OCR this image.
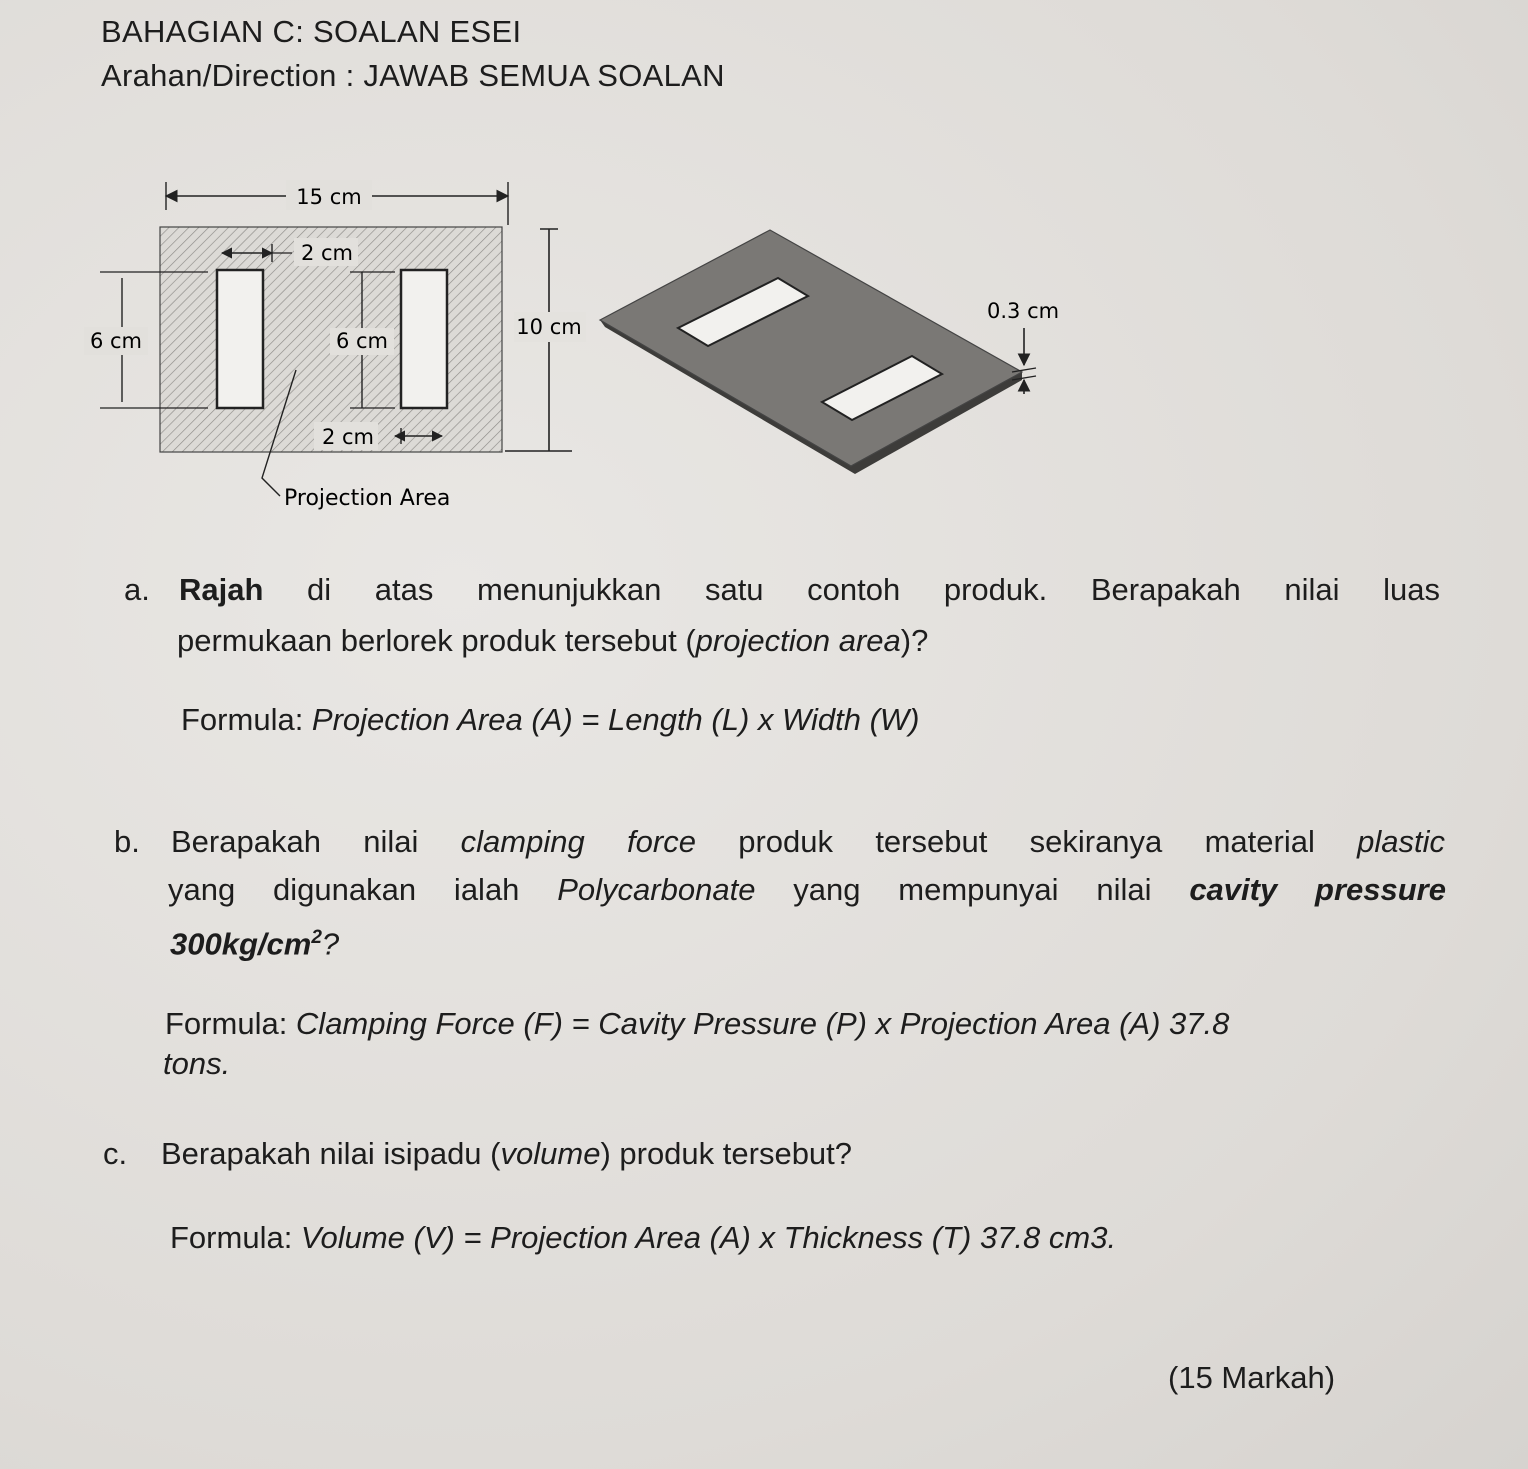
BAHAGIAN C: SOALAN ESEI
Arahan/Direction : JAWAB SEMUA SOALAN
15 cm
10 cm
6 cm	6 cm
2 cm
2 cm
Projection Area
0.3 cm
a. Rajah di atas menunjukkan satu contoh produk. Berapakah nilai luas
permukaan berlorek produk tersebut (projection area)?
Formula: Projection Area (A) = Length (L) x Width (W)
b. Berapakah nilai clamping force produk tersebut sekiranya material plastic
yang digunakan ialah Polycarbonate yang mempunyai nilai cavity pressure
$300kg/cm^2$?
Formula: Clamping Force (F) = Cavity Pressure (P) x Projection Area (A) 37.8
tons.
c. Berapakah nilai isipadu (volume) produk tersebut?
Formula: Volume (V) = Projection Area (A) x Thickness (T) 37.8 cm3.
(15 Markah)
